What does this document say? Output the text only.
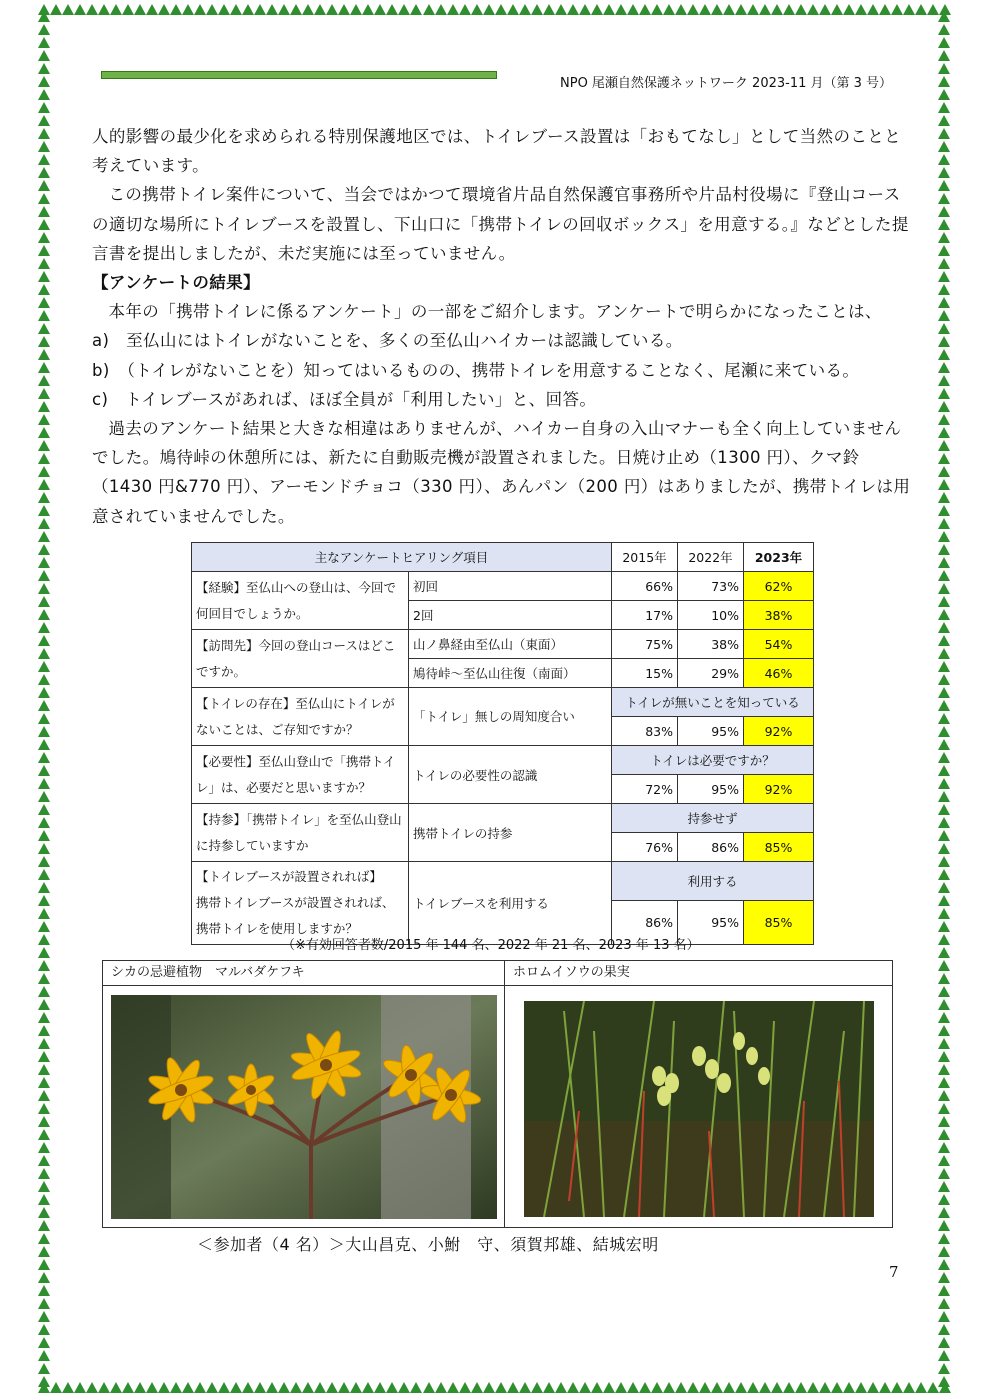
NPO 尾瀬自然保護ネットワーク 2023-11 月（第 3 号）

人的影響の最少化を求められる特別保護地区では、トイレブース設置は「おもてなし」として当然のことと考えています。

この携帯トイレ案件について、当会ではかつて環境省片品自然保護官事務所や片品村役場に『登山コースの適切な場所にトイレブースを設置し、下山口に「携帯トイレの回収ボックス」を用意する。』などとした提言書を提出しましたが、未だ実施には至っていません。

【アンケートの結果】

本年の「携帯トイレに係るアンケート」の一部をご紹介します。アンケートで明らかになったことは、

a)　至仏山にはトイレがないことを、多くの至仏山ハイカーは認識している。

b)　（トイレがないことを）知ってはいるものの、携帯トイレを用意することなく、尾瀬に来ている。

c)　トイレブースがあれば、ほぼ全員が「利用したい」と、回答。

過去のアンケート結果と大きな相違はありませんが、ハイカー自身の入山マナーも全く向上していませんでした。鳩待峠の休憩所には、新たに自動販売機が設置されました。日焼け止め（1300 円）、クマ鈴（1430 円&770 円）、アーモンドチョコ（330 円）、あんパン（200 円）はありましたが、携帯トイレは用意されていませんでした。

主なアンケートヒアリング項目		2015年	2022年	2023年
【経験】至仏山への登山は、今回で何回目でしょうか。	初回	66%	73%	62%
	2回	17%	10%	38%
【訪問先】今回の登山コースはどこですか。	山ノ鼻経由至仏山（東面）	75%	38%	54%
	鳩待峠～至仏山往復（南面）	15%	29%	46%
【トイレの存在】至仏山にトイレがないことは、ご存知ですか？	「トイレ」無しの周知度合い	トイレが無いことを知っている		
		83%	95%	92%
【必要性】至仏山登山で「携帯トイレ」は、必要だと思いますか？	トイレの必要性の認識	トイレは必要ですか？		
		72%	95%	92%
【持参】「携帯トイレ」を至仏山登山に持参していますか	携帯トイレの持参	持参せず		
		76%	86%	85%
【トイレブースが設置されれば】
携帯トイレブースが設置されれば、携帯トイレを使用しますか？	トイレブースを利用する	利用する		
		86%	95%	85%
（※有効回答者数/2015 年 144 名、2022 年 21 名、2023 年 13 名）
シカの忌避植物　マルバダケフキ	ホロムイソウの果実
＜参加者（4 名）＞大山昌克、小鮒　守、須賀邦雄、結城宏明
7
